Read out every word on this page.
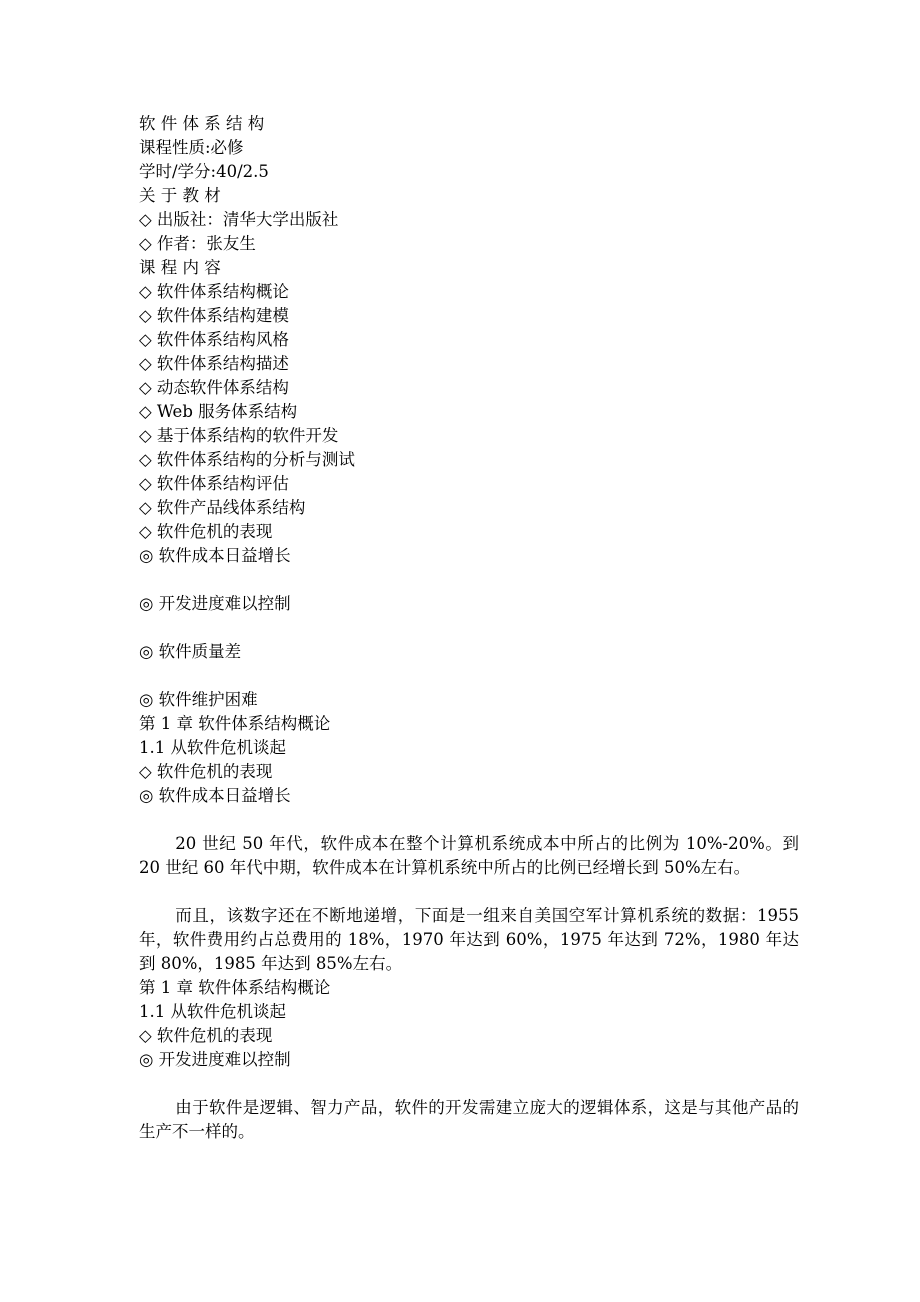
软 件 体 系 结 构
课程性质:必修
学时/学分:40/2.5
关 于 教 材
◇ 出版社：清华大学出版社
◇ 作者：张友生
课 程 内 容
◇ 软件体系结构概论
◇ 软件体系结构建模
◇ 软件体系结构风格
◇ 软件体系结构描述
◇ 动态软件体系结构
◇ Web 服务体系结构
◇ 基于体系结构的软件开发
◇ 软件体系结构的分析与测试
◇ 软件体系结构评估
◇ 软件产品线体系结构
◇ 软件危机的表现
◎ 软件成本日益增长
◎ 开发进度难以控制
◎ 软件质量差
◎ 软件维护困难
第 1 章 软件体系结构概论
1.1 从软件危机谈起
◇ 软件危机的表现
◎ 软件成本日益增长
20 世纪 50 年代，软件成本在整个计算机系统成本中所占的比例为 10%-20%。到 20 世纪 60 年代中期，软件成本在计算机系统中所占的比例已经增长到 50%左右。
而且，该数字还在不断地递增，下面是一组来自美国空军计算机系统的数据：1955 年，软件费用约占总费用的 18%，1970 年达到 60%，1975 年达到 72%，1980 年达到 80%，1985 年达到 85%左右。
第 1 章 软件体系结构概论
1.1 从软件危机谈起
◇ 软件危机的表现
◎ 开发进度难以控制
由于软件是逻辑、智力产品，软件的开发需建立庞大的逻辑体系，这是与其他产品的生产不一样的。
